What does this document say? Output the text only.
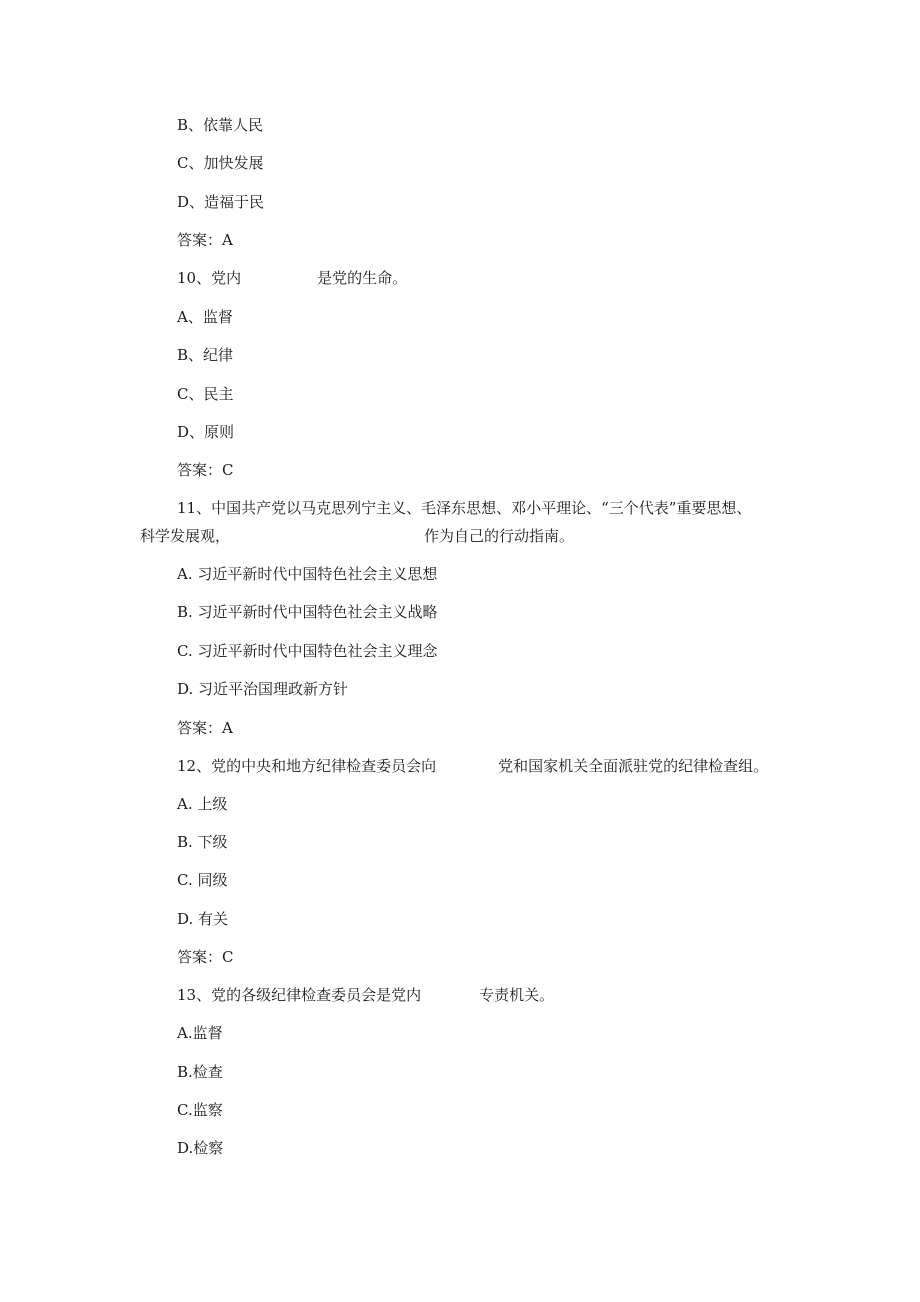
B、依靠人民
C、加快发展
D、造福于民
答案：A
10、党内	是党的生命。
A、监督
B、纪律
C、民主
D、原则
答案：C
11、中国共产党以马克思列宁主义、毛泽东思想、邓小平理论、“三个代表”重要思想、
科学发展观，	作为自己的行动指南。
A. 习近平新时代中国特色社会主义思想
B. 习近平新时代中国特色社会主义战略
C. 习近平新时代中国特色社会主义理念
D. 习近平治国理政新方针
答案：A
12、党的中央和地方纪律检查委员会向	党和国家机关全面派驻党的纪律检查组。
A. 上级
B. 下级
C. 同级
D. 有关
答案：C
13、党的各级纪律检查委员会是党内	专责机关。
A.监督
B.检查
C.监察
D.检察
